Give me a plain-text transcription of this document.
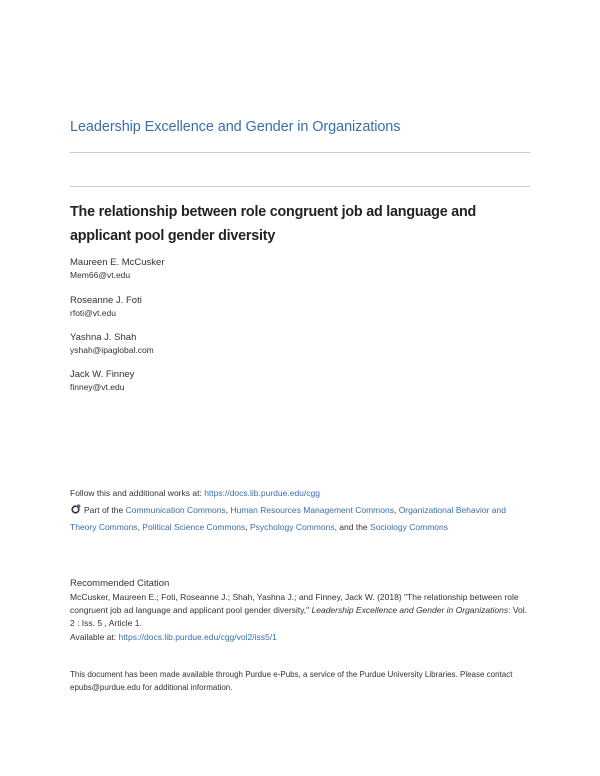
Leadership Excellence and Gender in Organizations
The relationship between role congruent job ad language and applicant pool gender diversity
Maureen E. McCusker
Mem66@vt.edu
Roseanne J. Foti
rfoti@vt.edu
Yashna J. Shah
yshah@ipaglobal.com
Jack W. Finney
finney@vt.edu
Follow this and additional works at: https://docs.lib.purdue.edu/cgg
Part of the Communication Commons, Human Resources Management Commons, Organizational Behavior and Theory Commons, Political Science Commons, Psychology Commons, and the Sociology Commons
Recommended Citation
McCusker, Maureen E.; Foti, Roseanne J.; Shah, Yashna J.; and Finney, Jack W. (2018) "The relationship between role congruent job ad language and applicant pool gender diversity," Leadership Excellence and Gender in Organizations: Vol. 2 : Iss. 5 , Article 1.
Available at: https://docs.lib.purdue.edu/cgg/vol2/iss5/1
This document has been made available through Purdue e-Pubs, a service of the Purdue University Libraries. Please contact epubs@purdue.edu for additional information.
